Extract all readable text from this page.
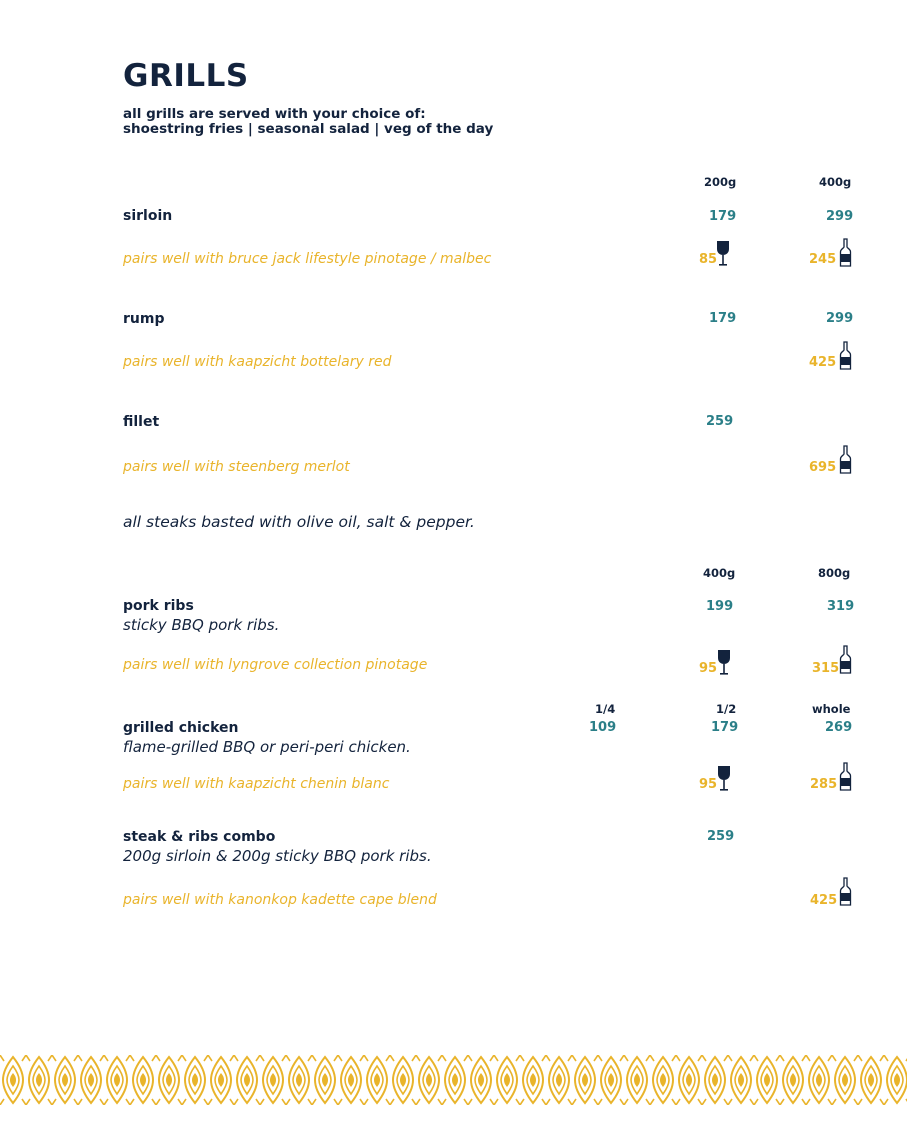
GRILLS
all grills are served with your choice of:
shoestring fries | seasonal salad | veg of the day
200g	400g
sirloin	179	299
pairs well with bruce jack lifestyle pinotage / malbec	85	245
rump	179	299
pairs well with kaapzicht bottelary red	425
fillet	259
pairs well with steenberg merlot	695
all steaks basted with olive oil, salt & pepper.
400g	800g
pork ribs
sticky BBQ pork ribs.
199	319
pairs well with lyngrove collection pinotage	95	315
1/4	1/2	whole
grilled chicken
flame-grilled BBQ or peri-peri chicken.
109	179	269
pairs well with kaapzicht chenin blanc	95	285
steak & ribs combo
200g sirloin & 200g sticky BBQ pork ribs.
259
pairs well with kanonkop kadette cape blend	425
